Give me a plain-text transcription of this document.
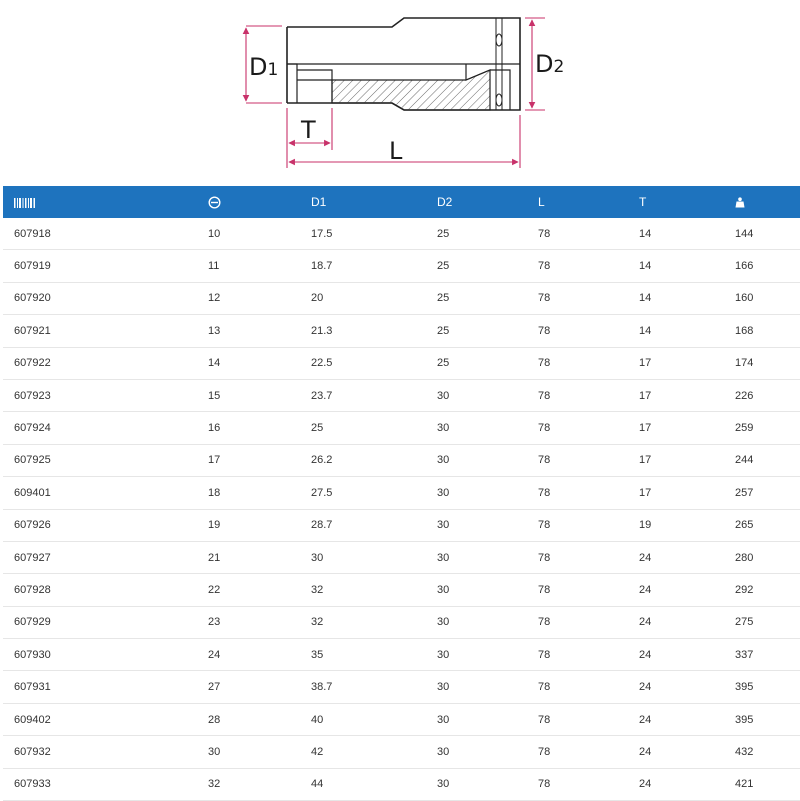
D1	D2
T
L
		D1	D2	L	T	
607918	10	17.5	25	78	14	144
607919	11	18.7	25	78	14	166
607920	12	20	25	78	14	160
607921	13	21.3	25	78	14	168
607922	14	22.5	25	78	17	174
607923	15	23.7	30	78	17	226
607924	16	25	30	78	17	259
607925	17	26.2	30	78	17	244
609401	18	27.5	30	78	17	257
607926	19	28.7	30	78	19	265
607927	21	30	30	78	24	280
607928	22	32	30	78	24	292
607929	23	32	30	78	24	275
607930	24	35	30	78	24	337
607931	27	38.7	30	78	24	395
609402	28	40	30	78	24	395
607932	30	42	30	78	24	432
607933	32	44	30	78	24	421
